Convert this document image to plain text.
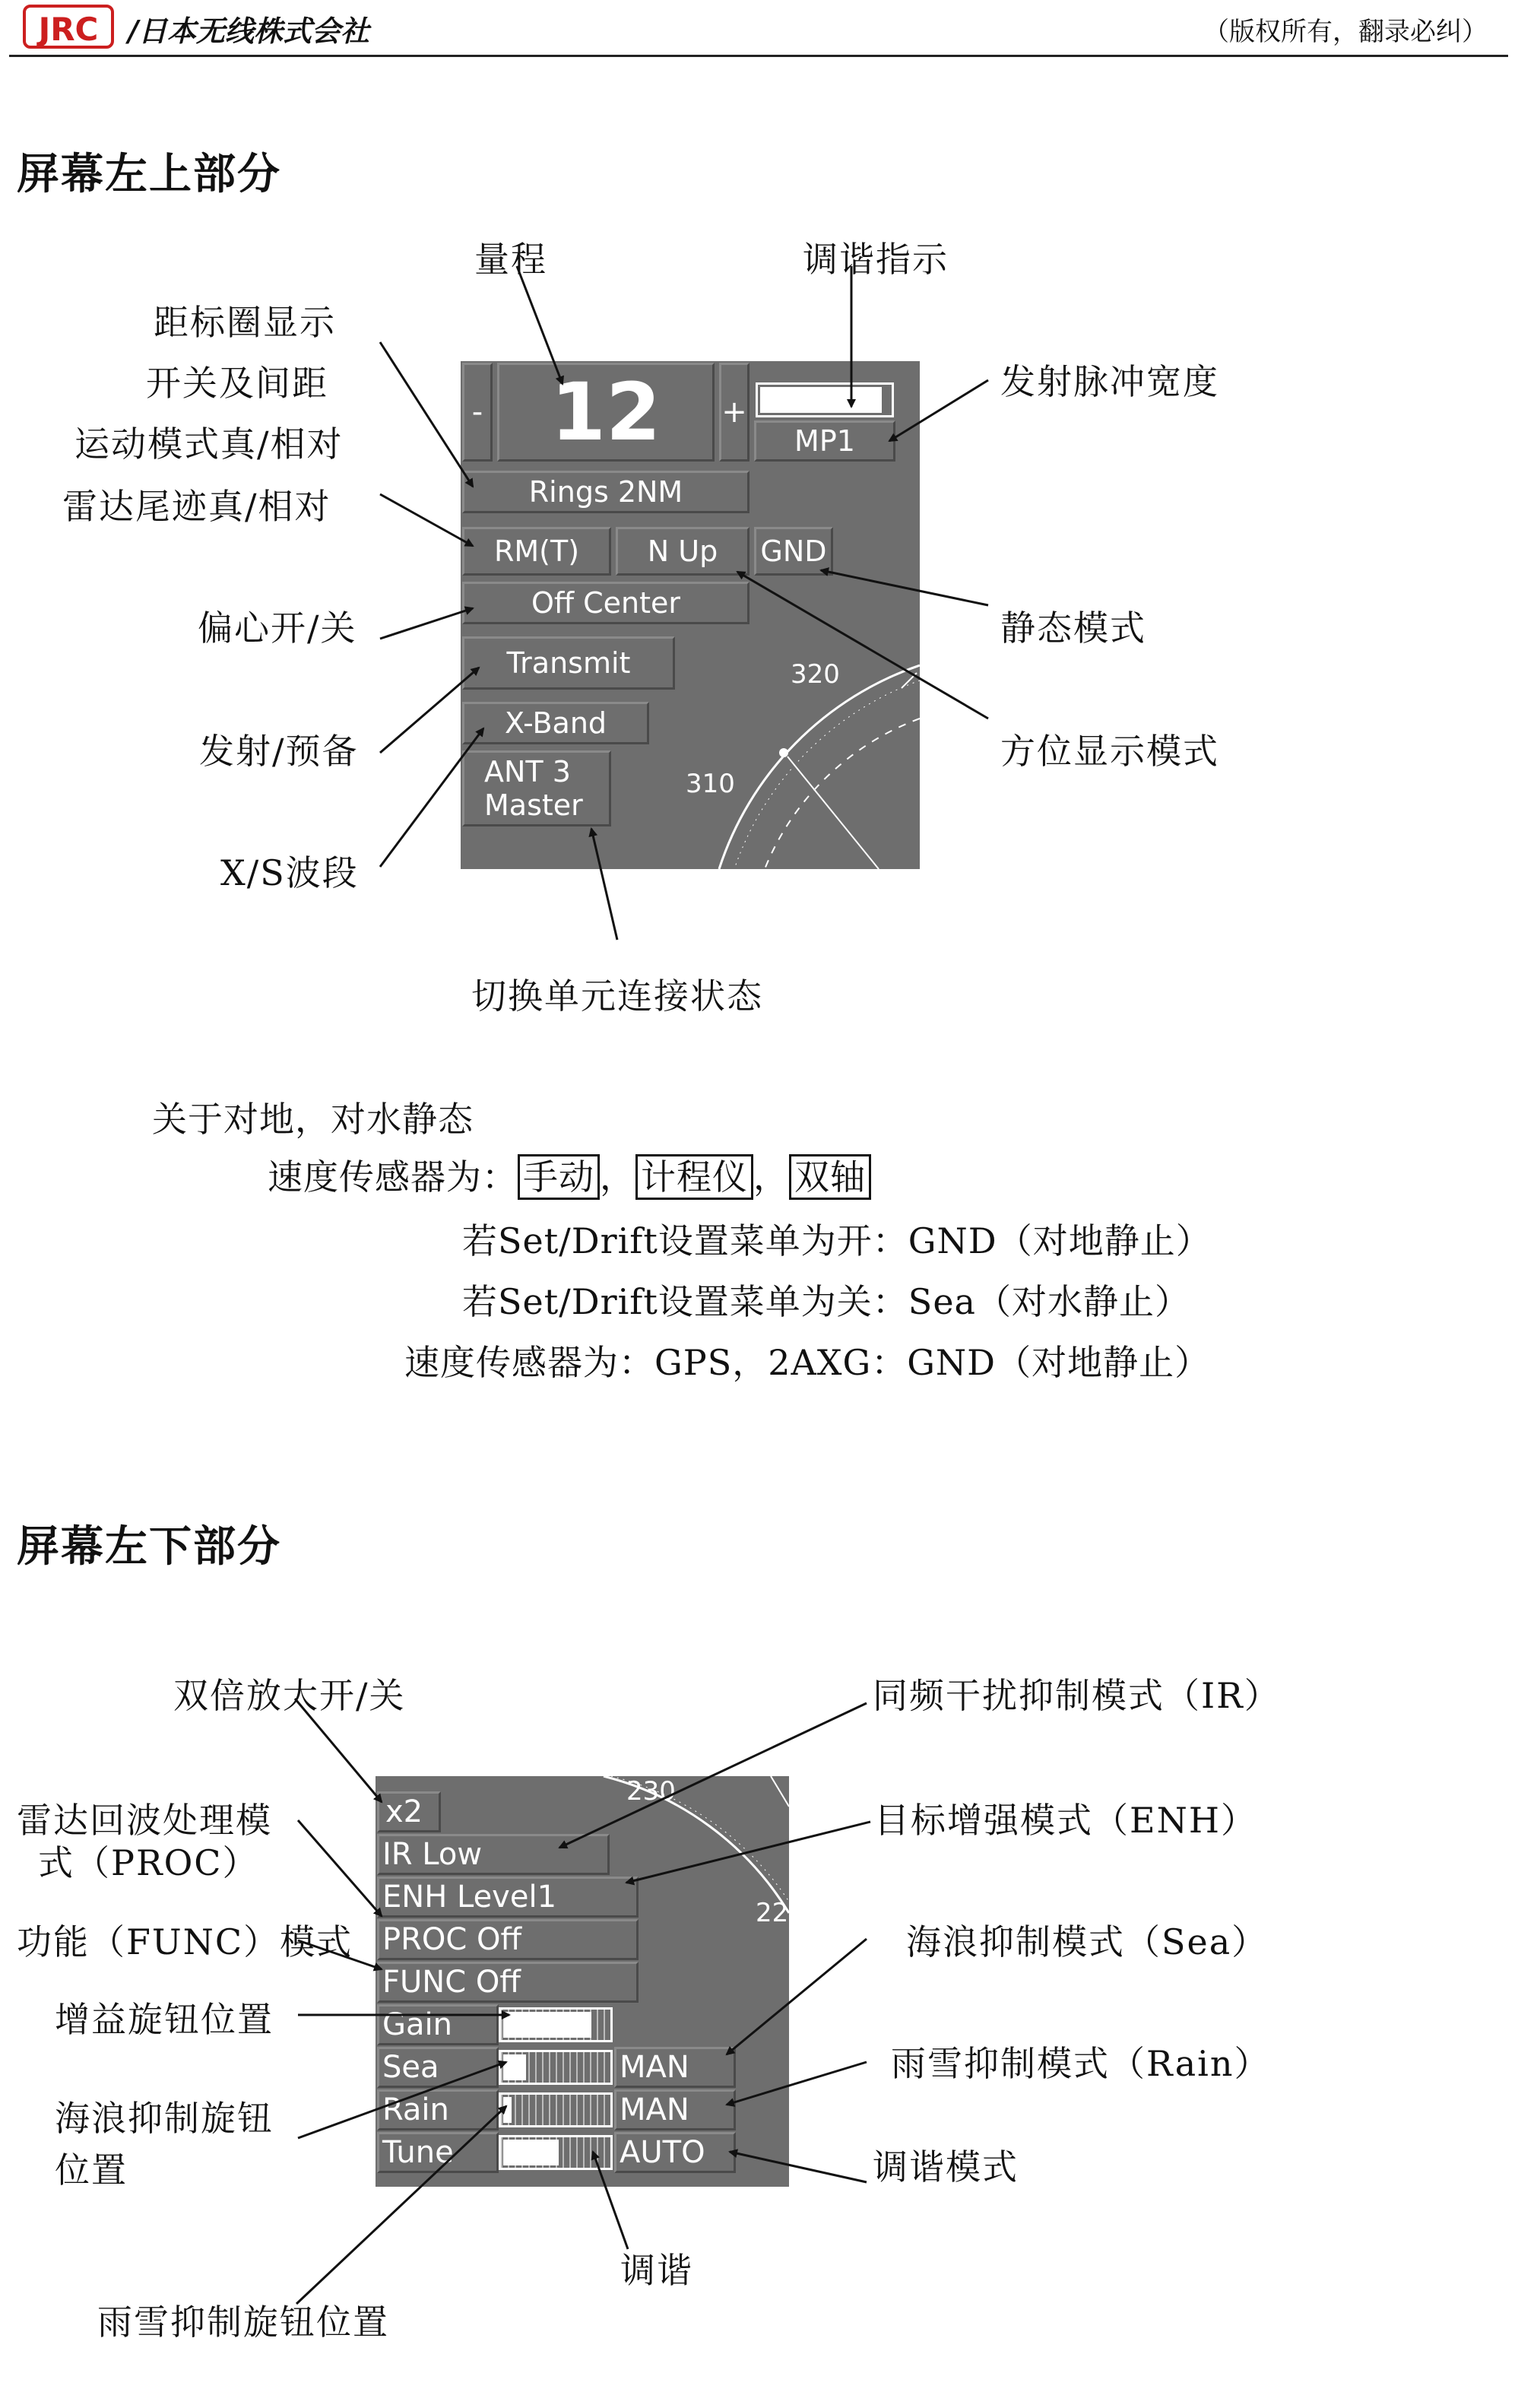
JRC	/日本无线株式会社	（版权所有，翻录必纠）
屏幕左上部分
- 12	+
MP1
Rings 2NM
RM(T)	N Up	GND
Off Center
Transmit
X-Band
ANT 3
Master
320
310
量程	调谐指示
距标圈显示
开关及间距
运动模式真/相对
雷达尾迹真/相对
发射脉冲宽度
偏心开/关	静态模式
发射/预备	方位显示模式
X/S波段
切换单元连接状态
关于对地，对水静态
速度传感器为： 手动 ， 计程仪 ， 双轴
若Set/Drift设置菜单为开：GND（对地静止）
若Set/Drift设置菜单为关：Sea（对水静止）
速度传感器为：GPS，2AXG：GND（对地静止）
屏幕左下部分
230
22
x2
IR Low
ENH Level1
PROC Off
FUNC Off
Gain
Sea	MAN
Rain	MAN
Tune	AUTO
双倍放大开/关	同频干扰抑制模式（IR）
雷达回波处理模
式（PROC）
目标增强模式（ENH）
功能（FUNC）模式	海浪抑制模式（Sea）
增益旋钮位置
雨雪抑制模式（Rain）
海浪抑制旋钮
位置	调谐模式
调谐
雨雪抑制旋钮位置
